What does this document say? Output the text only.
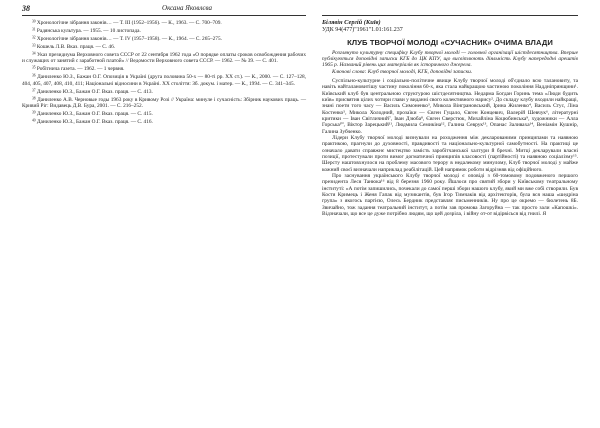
38	Оксана Яковлєва

$^{30}$ Хронологічне зібрання законів… — Т. III (1952–1956). — К., 1963. — С. 700–709.

$^{31}$ Радянська культура. — 1955. — 10 листопада.

$^{32}$ Хронологічне зібрання законів… — Т. IV (1957–1958). — К., 1964. — С. 265–275.

$^{33}$ Кошель Л.В. Вказ. праця. — С. 46.

$^{34}$ Указ президиума Верховного совета СССР от 22 сентября 1962 года «О порядке оплаты сроков освобождения рабочих и служащих от занятий с заработной платой» // Ведомости Верховного совета СССР. — 1962. — № 39. — С. 401.

$^{35}$ Робітнича газета. — 1962. — 1 червня.

$^{36}$ Даниленко Ю.З., Бажан О.Г. Опозиція в Україні (друга половина 50-х — 80-ті рр. ХХ ст.). — К., 2000. — С. 127–128, 404, 405, 407, 408, 410, 411; Національні відносини в Україні. ХХ століття: Зб. докум. і матер. — К., 1994. — С. 341–345.

$^{37}$ Даниленко Ю.З., Бажан О.Г. Вказ. праця. — С. 413.

$^{38}$ Даниленко А.В. Черновые годы 1963 року в Кривому Розі // Україна: минуле і сучасність: Збірник наукових праць. — Кривий Ріг: Видавець Д.В. Бура, 2001. — С. 216–252.

$^{39}$ Даниленко Ю.З., Бажан О.Г. Вказ. праця. — С. 415.

$^{40}$ Даниленко Ю.З., Бажан О.Г. Вказ. праця. — С. 416.

Білявін Сергій (Київ)

УДК 94(477)"1961"1.01:161.237

КЛУБ ТВОРЧОЇ МОЛОДІ «СУЧАСНИК» ОЧИМА ВЛАДИ

Розглянуто культурну специфіку Клубу творчої молоді — головної організації шістдесятництва. Вперше публікуються доповідні записки КГБ до ЦК КПУ, що висвітлюють діяльність Клубу напередодні арештів 1965 р. Названий рівень цих матеріалів як історичного джерела.

Ключові слова: Клуб творчої молоді, КГБ, доповідні записки.

Суспільно-культурне і соціально-політичне явище Клубу творчої молоді об'єднало всю талановиту, та навіть найталановитішу частину покоління 60-х, яка стала найкращою частиною покоління Наддніпрянщини¹. Київський клуб був центральною структурою шістдесятництва. Недарма Богдан Горинь тема «Люди будить київ» присвятив цілих чотири глави у виданні свого колективного нарису². До складу клубу входили найкращі, знані поети того часу — Василь Симоненко³, Микола Вінграновський, Ірина Жиленко⁴, Василь Стус, Ліна Костенко⁵, Микола Холодний, прозаїки — Євген Гуцало, Євген Концевич, Валерій Шевчук⁶, літературні критики — Іван Світличний⁷, Іван Дзюба⁸, Євген Сверстюк, Михайліна Коцюбинська⁹, художники — Алла Горська¹⁰, Віктор Зарецький¹¹, Людмила Семикіна¹², Галина Севрук¹³, Опанас Заливаха¹⁴, Веніамін Кушнір, Галина Зубченко.

Лідери Клубу творчої молоді визнували на роходження між декларованими принципами та наявною практикою, прагнули до духовності, правдивості та національно-культурної самобутності. На практиці це означало давати справжнє мистецтво замість заробітчанської халтури й брехні. Митці декларували власні позиції, протестували проти вимог догматичної принципів класовості (партійності) та наявною соціалізму¹⁵. Шерсту наштовхнулося на проблему масового терору в недалекому минулому, Клуб творчої молоді у майже кожний своєї визначали наприклад реабілітацій. Цей напрямок роботи відрізняв від офіційного.

Про заснування українського Клубу творчої молоді є оповіді з 60-томовому подовженого першого президента Леся Танюка¹⁶ від 8 березня 1960 року. Йшлося про святий збори у Київському театральному інституті: «А потім запишились, почекали до самої перші збори нашого клубу, який ми вже собі створили. Був Костя Кримець і Женя Гапак від музикантів, був Ігор Тимчаків від архітекторів, була вся наша «шедріна група» з якогось партією, Олесь Бердник представляє письменників. Ну про це окремо — бюлетень 8Б. Звичайно, тож задання театральний інститут, а потім зав промова Загоруйна — так просто зали «Капошкі». Відзначали, що все це дуже потрібно людям, що цей дозріла, і війну от-от відірвісься від гнилі. Я
